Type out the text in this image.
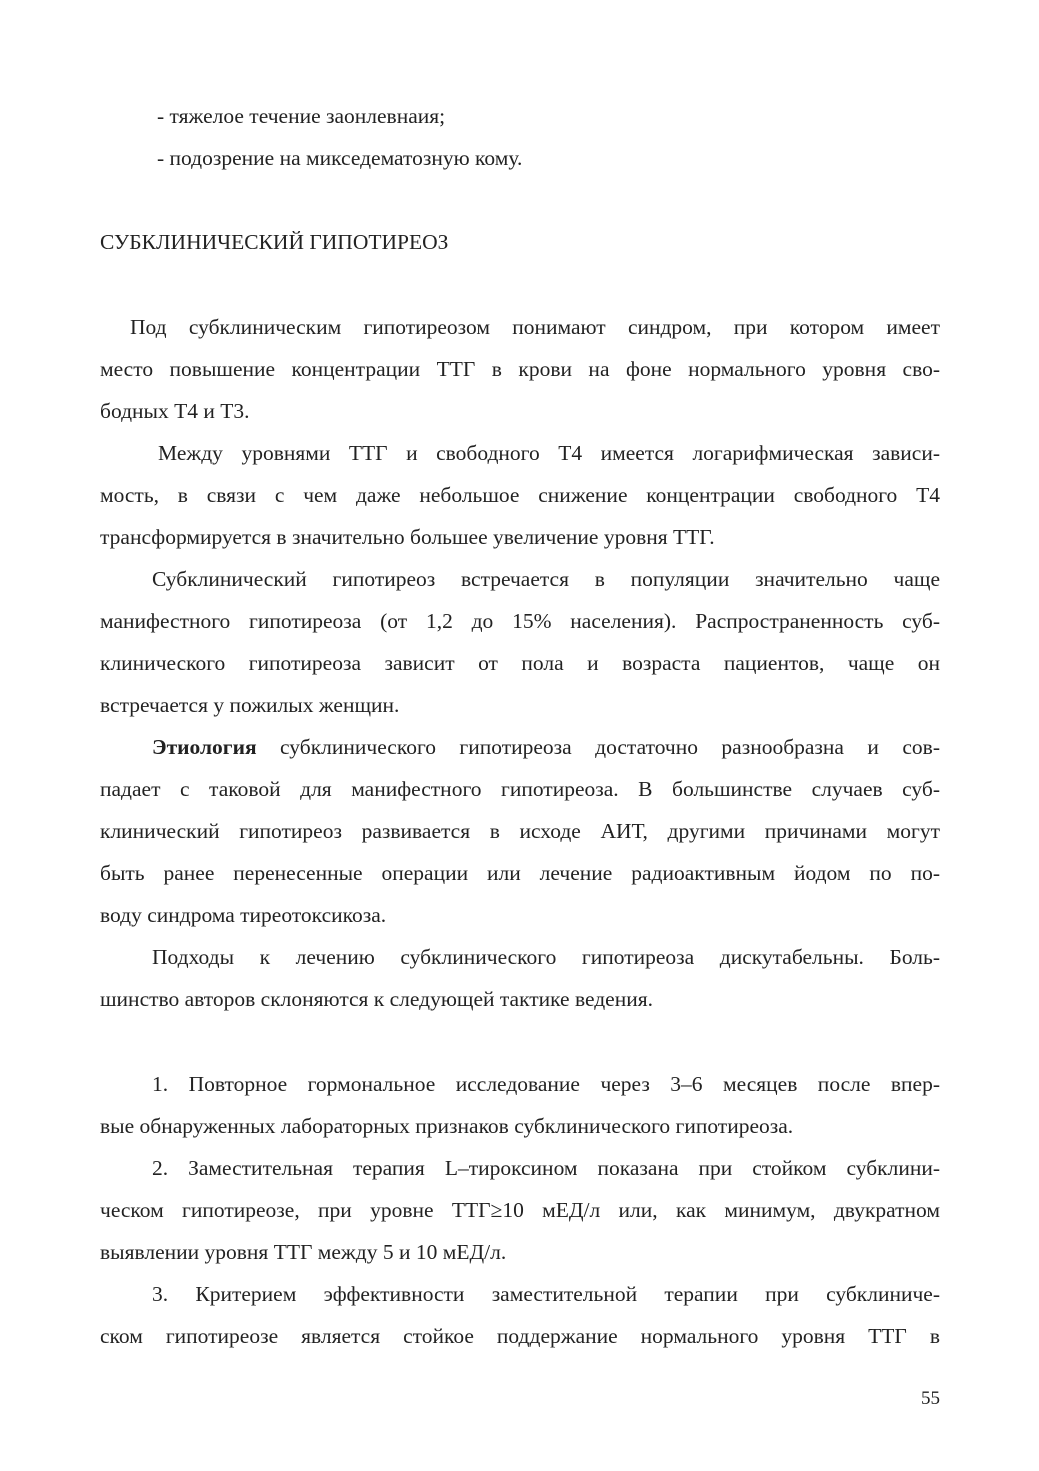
- тяжелое течение заонлевнаия;
- подозрение на микседематозную кому.
СУБКЛИНИЧЕСКИЙ ГИПОТИРЕОЗ
Под субклиническим гипотиреозом понимают синдром, при котором имеет
место повышение концентрации ТТГ в крови на фоне нормального уровня сво-
бодных Т4 и Т3.
Между уровнями ТТГ и свободного Т4 имеется логарифмическая зависи-
мость, в связи с чем даже небольшое снижение концентрации свободного Т4
трансформируется в значительно большее увеличение уровня ТТГ.
Субклинический гипотиреоз встречается в популяции значительно чаще
манифестного гипотиреоза (от 1,2 до 15% населения). Распространенность суб-
клинического гипотиреоза зависит от пола и возраста пациентов, чаще он
встречается у пожилых женщин.
Этиология субклинического гипотиреоза достаточно разнообразна и сов-
падает с таковой для манифестного гипотиреоза. В большинстве случаев суб-
клинический гипотиреоз развивается в исходе АИТ, другими причинами могут
быть ранее перенесенные операции или лечение радиоактивным йодом по по-
воду синдрома тиреотоксикоза.
Подходы к лечению субклинического гипотиреоза дискутабельны. Боль-
шинство авторов склоняются к следующей тактике ведения.
1. Повторное гормональное исследование через 3–6 месяцев после впер-
вые обнаруженных лабораторных признаков субклинического гипотиреоза.
2. Заместительная терапия L–тироксином показана при стойком субклини-
ческом гипотиреозе, при уровне ТТГ≥10 мЕД/л или, как минимум, двукратном
выявлении уровня ТТГ между 5 и 10 мЕД/л.
3. Критерием эффективности заместительной терапии при субклиниче-
ском гипотиреозе является стойкое поддержание нормального уровня ТТГ в
55
